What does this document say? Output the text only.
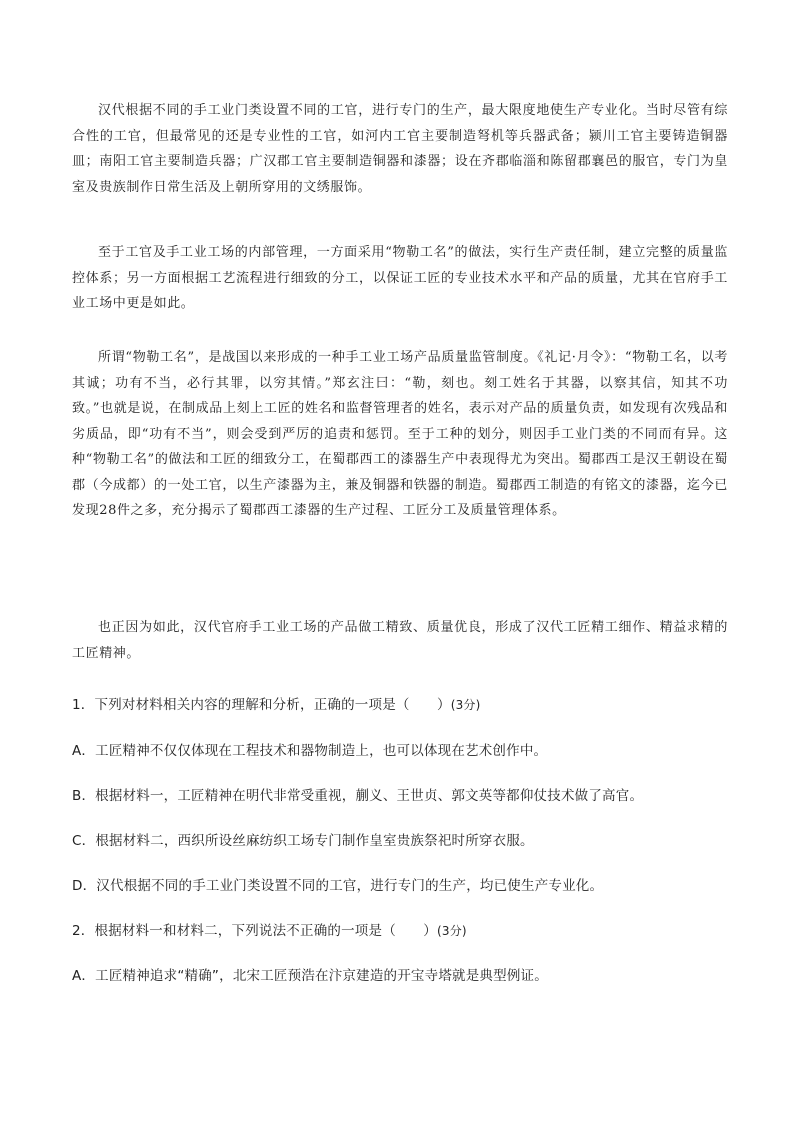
汉代根据不同的手工业门类设置不同的工官，进行专门的生产，最大限度地使生产专业化。当时尽管有综合性的工官，但最常见的还是专业性的工官，如河内工官主要制造弩机等兵器武备；颍川工官主要铸造铜器皿；南阳工官主要制造兵器；广汉郡工官主要制造铜器和漆器；设在齐郡临淄和陈留郡襄邑的服官，专门为皇室及贵族制作日常生活及上朝所穿用的文绣服饰。

至于工官及手工业工场的内部管理，一方面采用“物勒工名”的做法，实行生产责任制，建立完整的质量监控体系；另一方面根据工艺流程进行细致的分工，以保证工匠的专业技术水平和产品的质量，尤其在官府手工业工场中更是如此。

所谓“物勒工名”，是战国以来形成的一种手工业工场产品质量监管制度。《礼记·月令》：“物勒工名，以考其诚；功有不当，必行其罪，以穷其情。”郑玄注曰：“勒，刻也。刻工姓名于其器，以察其信，知其不功致。”也就是说，在制成品上刻上工匠的姓名和监督管理者的姓名，表示对产品的质量负责，如发现有次残品和劣质品，即“功有不当”，则会受到严厉的追责和惩罚。至于工种的划分，则因手工业门类的不同而有异。这种“物勒工名”的做法和工匠的细致分工，在蜀郡西工的漆器生产中表现得尤为突出。蜀郡西工是汉王朝设在蜀郡（今成都）的一处工官，以生产漆器为主，兼及铜器和铁器的制造。蜀郡西工制造的有铭文的漆器，迄今已发现28件之多，充分揭示了蜀郡西工漆器的生产过程、工匠分工及质量管理体系。

也正因为如此，汉代官府手工业工场的产品做工精致、质量优良，形成了汉代工匠精工细作、精益求精的工匠精神。

1．下列对材料相关内容的理解和分析，正确的一项是（　　）(3分)

A．工匠精神不仅仅体现在工程技术和器物制造上，也可以体现在艺术创作中。

B．根据材料一，工匠精神在明代非常受重视，蒯义、王世贞、郭文英等都仰仗技术做了高官。

C．根据材料二，西织所设丝麻纺织工场专门制作皇室贵族祭祀时所穿衣服。

D．汉代根据不同的手工业门类设置不同的工官，进行专门的生产，均已使生产专业化。

2．根据材料一和材料二，下列说法不正确的一项是（　　）(3分)

A．工匠精神追求“精确”，北宋工匠预浩在汴京建造的开宝寺塔就是典型例证。
